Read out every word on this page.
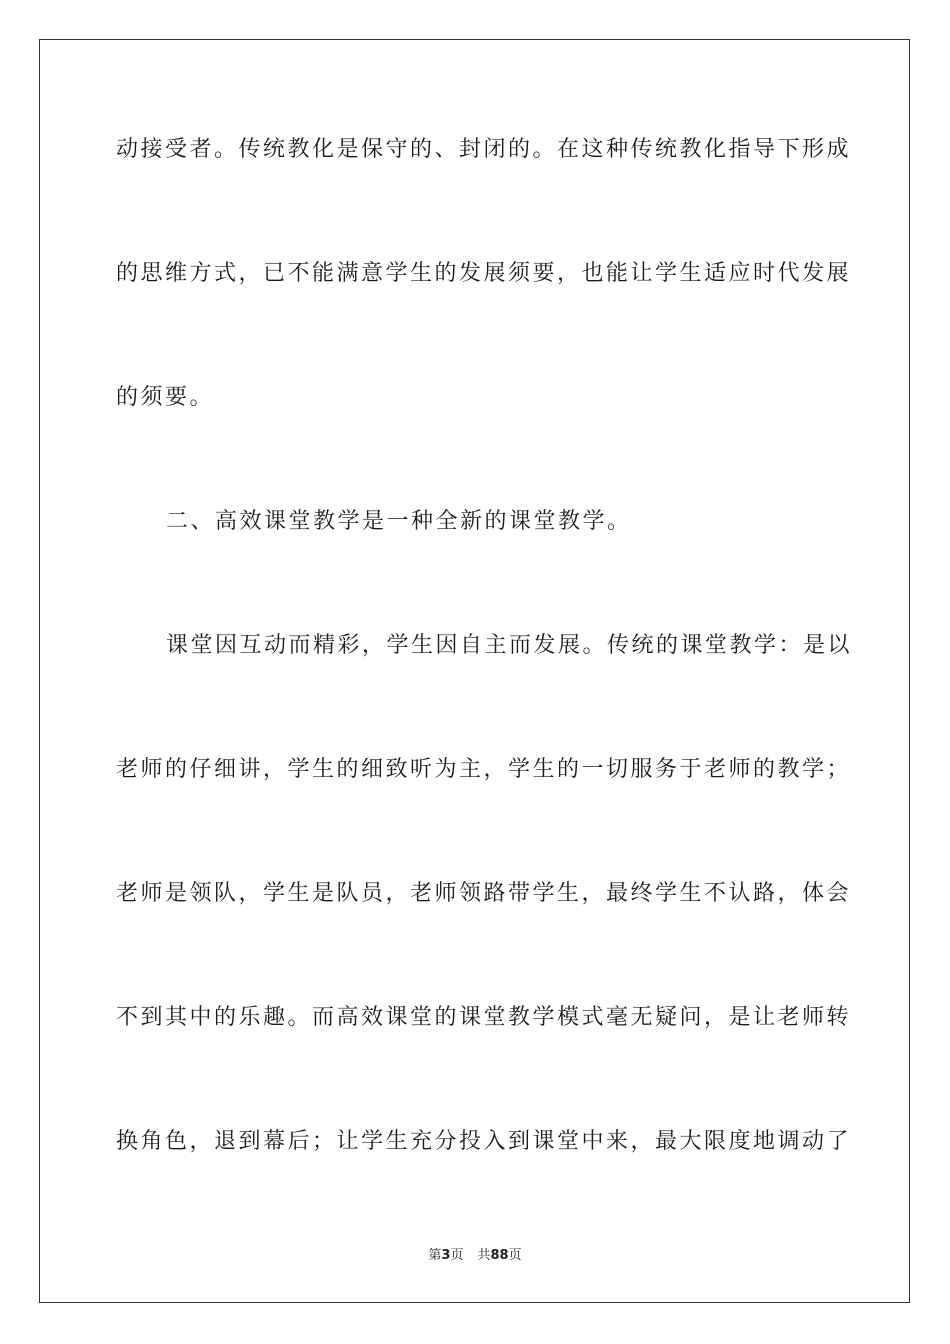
动接受者。传统教化是保守的、封闭的。在这种传统教化指导下形成
的思维方式，已不能满意学生的发展须要，也能让学生适应时代发展
的须要。
二、高效课堂教学是一种全新的课堂教学。
课堂因互动而精彩，学生因自主而发展。传统的课堂教学：是以
老师的仔细讲，学生的细致听为主，学生的一切服务于老师的教学；
老师是领队，学生是队员，老师领路带学生，最终学生不认路，体会
不到其中的乐趣。而高效课堂的课堂教学模式毫无疑问，是让老师转
换角色，退到幕后；让学生充分投入到课堂中来，最大限度地调动了
第3页 共88页
